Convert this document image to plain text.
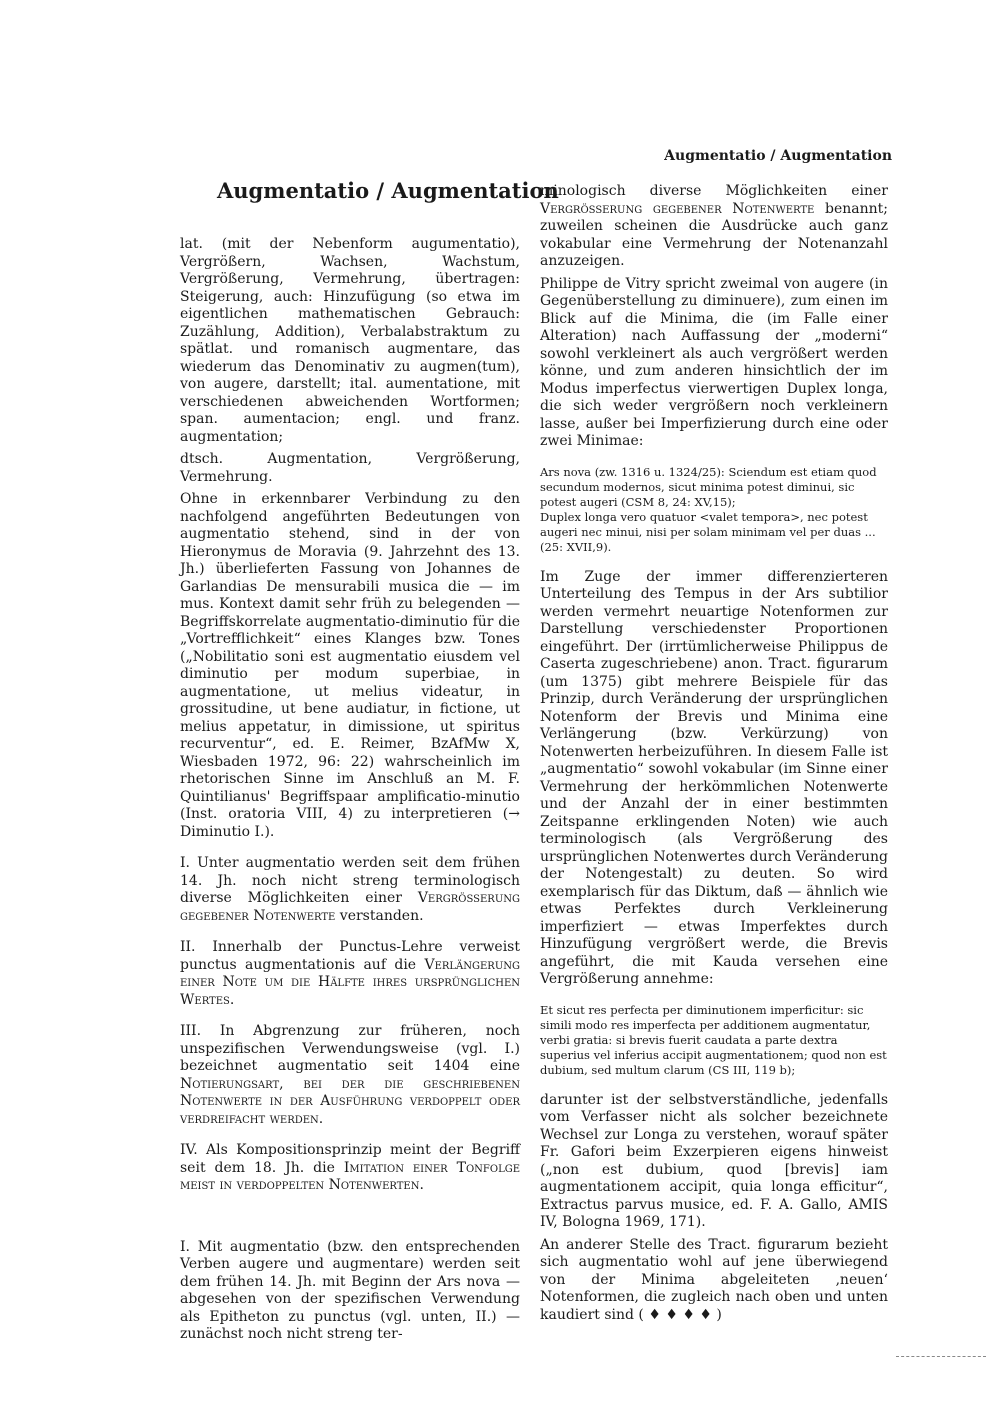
Augmentatio / Augmentation
Augmentatio / Augmentation

lat. (mit der Nebenform augumentatio), Vergrößern, Wachsen, Wachstum, Vergrößerung, Vermehrung, übertragen: Steigerung, auch: Hinzufügung (so etwa im eigentlichen mathematischen Gebrauch: Zuzählung, Addition), Verbalabstraktum zu spätlat. und romanisch augmentare, das wiederum das Denominativ zu augmen(tum), von augere, darstellt; ital. aumentatione, mit verschiedenen abweichenden Wortformen; span. aumentacion; engl. und franz. augmentation;

dtsch. Augmentation, Vergrößerung, Vermehrung.

Ohne in erkennbarer Verbindung zu den nachfolgend angeführten Bedeutungen von augmentatio stehend, sind in der von Hieronymus de Moravia (9. Jahrzehnt des 13. Jh.) überlieferten Fassung von Johannes de Garlandias De mensurabili musica die — im mus. Kontext damit sehr früh zu belegenden — Begriffskorrelate augmentatio-diminutio für die „Vortrefflichkeit“ eines Klanges bzw. Tones („Nobilitatio soni est augmentatio eiusdem vel diminutio per modum superbiae, in augmentatione, ut melius videatur, in grossitudine, ut bene audiatur, in fictione, ut melius appetatur, in dimissione, ut spiritus recurventur“, ed. E. Reimer, BzAfMw X, Wiesbaden 1972, 96: 22) wahrscheinlich im rhetorischen Sinne im Anschluß an M. F. Quintilianus' Begriffspaar amplificatio-minutio (Inst. oratoria VIII, 4) zu interpretieren (→ Diminutio I.).

I. Unter augmentatio werden seit dem frühen 14. Jh. noch nicht streng terminologisch diverse Möglichkeiten einer Vergrößerung gegebener Notenwerte verstanden.

II. Innerhalb der Punctus-Lehre verweist punctus augmentationis auf die Verlängerung einer Note um die Hälfte ihres ursprünglichen Wertes.

III. In Abgrenzung zur früheren, noch unspezifischen Verwendungsweise (vgl. I.) bezeichnet augmentatio seit 1404 eine Notierungsart, bei der die geschriebenen Notenwerte in der Ausführung verdoppelt oder verdreifacht werden.

IV. Als Kompositionsprinzip meint der Begriff seit dem 18. Jh. die Imitation einer Tonfolge meist in verdoppelten Notenwerten.

I. Mit augmentatio (bzw. den entsprechenden Verben augere und augmentare) werden seit dem frühen 14. Jh. mit Beginn der Ars nova — abgesehen von der spezifischen Verwendung als Epitheton zu punctus (vgl. unten, II.) — zunächst noch nicht streng ter-

minologisch diverse Möglichkeiten einer Vergrößerung gegebener Notenwerte benannt; zuweilen scheinen die Ausdrücke auch ganz vokabular eine Vermehrung der Notenanzahl anzuzeigen.

Philippe de Vitry spricht zweimal von augere (in Gegenüberstellung zu diminuere), zum einen im Blick auf die Minima, die (im Falle einer Alteration) nach Auffassung der „moderni“ sowohl verkleinert als auch vergrößert werden könne, und zum anderen hinsichtlich der im Modus imperfectus vierwertigen Duplex longa, die sich weder vergrößern noch verkleinern lasse, außer bei Imperfizierung durch eine oder zwei Minimae:

Ars nova (zw. 1316 u. 1324/25): Sciendum est etiam quod secundum modernos, sicut minima potest diminui, sic potest augeri (CSM 8, 24: XV,15);
Duplex longa vero quatuor <valet tempora>, nec potest augeri nec minui, nisi per solam minimam vel per duas ... (25: XVII,9).

Im Zuge der immer differenzierteren Unterteilung des Tempus in der Ars subtilior werden vermehrt neuartige Notenformen zur Darstellung verschiedenster Proportionen eingeführt. Der (irrtümlicherweise Philippus de Caserta zugeschriebene) anon. Tract. figurarum (um 1375) gibt mehrere Beispiele für das Prinzip, durch Veränderung der ursprünglichen Notenform der Brevis und Minima eine Verlängerung (bzw. Verkürzung) von Notenwerten herbeizuführen. In diesem Falle ist „augmentatio“ sowohl vokabular (im Sinne einer Vermehrung der herkömmlichen Notenwerte und der Anzahl der in einer bestimmten Zeitspanne erklingenden Noten) wie auch terminologisch (als Vergrößerung des ursprünglichen Notenwertes durch Veränderung der Notengestalt) zu deuten. So wird exemplarisch für das Diktum, daß — ähnlich wie etwas Perfektes durch Verkleinerung imperfiziert — etwas Imperfektes durch Hinzufügung vergrößert werde, die Brevis angeführt, die mit Kauda versehen eine Vergrößerung annehme:

Et sicut res perfecta per diminutionem imperficitur: sic simili modo res imperfecta per additionem augmentatur, verbi gratia: si brevis fuerit caudata a parte dextra superius vel inferius accipit augmentationem; quod non est dubium, sed multum clarum (CS III, 119 b);

darunter ist der selbstverständliche, jedenfalls vom Verfasser nicht als solcher bezeichnete Wechsel zur Longa zu verstehen, worauf später Fr. Gafori beim Exzerpieren eigens hinweist („non est dubium, quod [brevis] iam augmentationem accipit, quia longa efficitur“, Extractus parvus musice, ed. F. A. Gallo, AMIS IV, Bologna 1969, 171).

An anderer Stelle des Tract. figurarum bezieht sich augmentatio wohl auf jene überwiegend von der Minima abgeleiteten ‚neuen‘ Notenformen, die zugleich nach oben und unten kaudiert sind ( ♦ ♦ ♦ ♦ )
